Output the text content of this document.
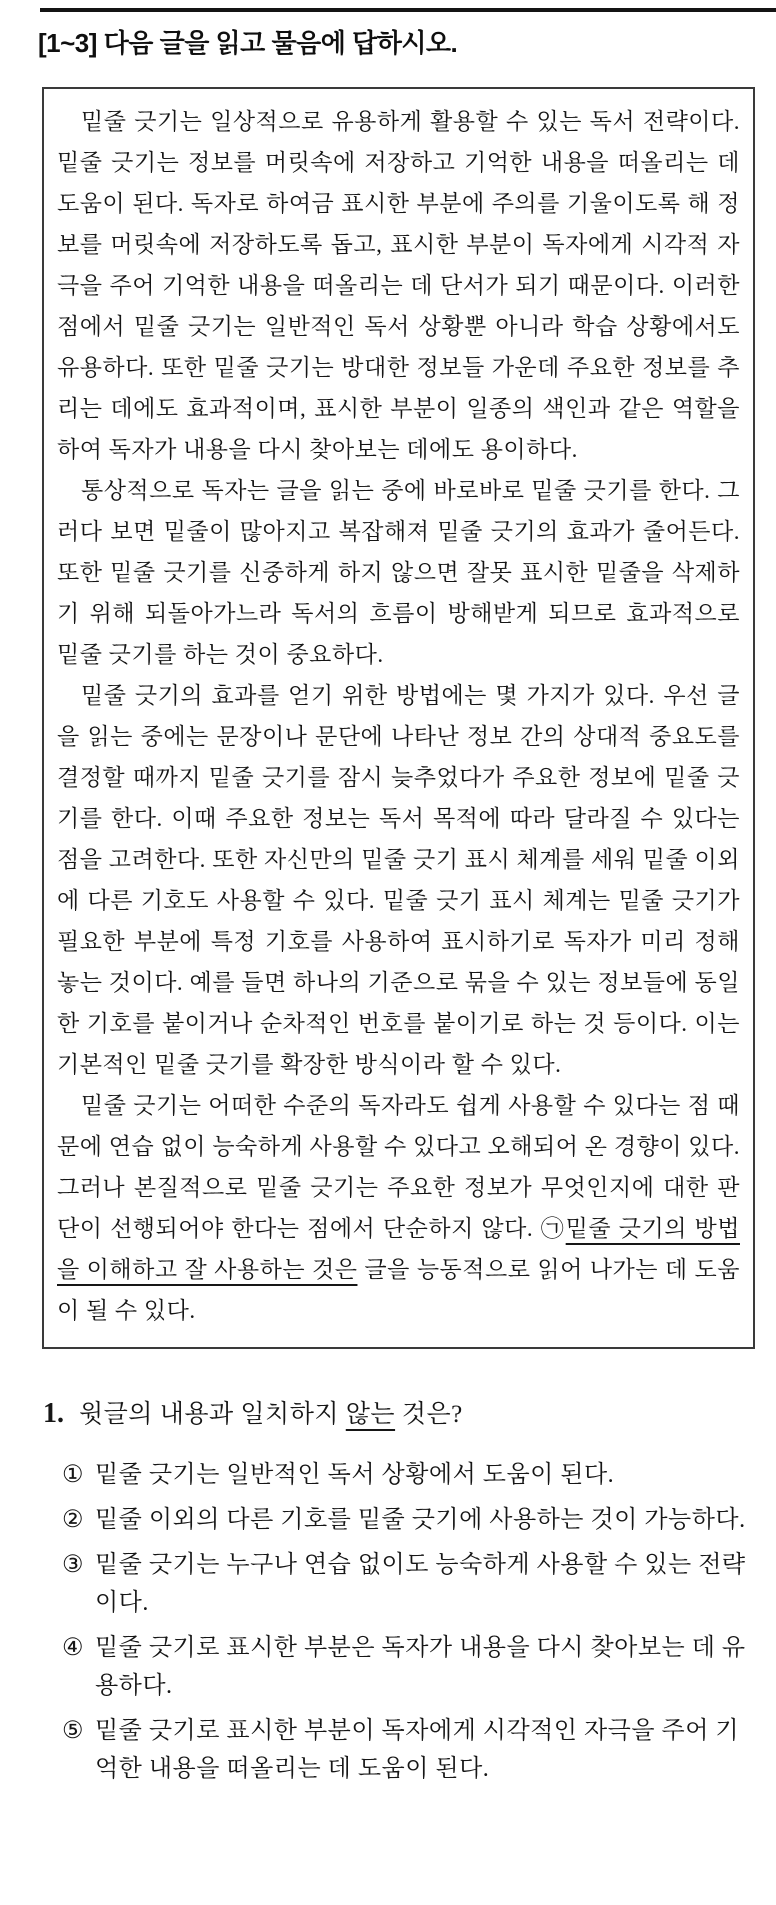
[1~3] 다음 글을 읽고 물음에 답하시오.

밑줄 긋기는 일상적으로 유용하게 활용할 수 있는 독서 전략이다. 밑줄 긋기는 정보를 머릿속에 저장하고 기억한 내용을 떠올리는 데 도움이 된다. 독자로 하여금 표시한 부분에 주의를 기울이도록 해 정보를 머릿속에 저장하도록 돕고, 표시한 부분이 독자에게 시각적 자극을 주어 기억한 내용을 떠올리는 데 단서가 되기 때문이다. 이러한 점에서 밑줄 긋기는 일반적인 독서 상황뿐 아니라 학습 상황에서도 유용하다. 또한 밑줄 긋기는 방대한 정보들 가운데 주요한 정보를 추리는 데에도 효과적이며, 표시한 부분이 일종의 색인과 같은 역할을 하여 독자가 내용을 다시 찾아보는 데에도 용이하다.

통상적으로 독자는 글을 읽는 중에 바로바로 밑줄 긋기를 한다. 그러다 보면 밑줄이 많아지고 복잡해져 밑줄 긋기의 효과가 줄어든다. 또한 밑줄 긋기를 신중하게 하지 않으면 잘못 표시한 밑줄을 삭제하기 위해 되돌아가느라 독서의 흐름이 방해받게 되므로 효과적으로 밑줄 긋기를 하는 것이 중요하다.

밑줄 긋기의 효과를 얻기 위한 방법에는 몇 가지가 있다. 우선 글을 읽는 중에는 문장이나 문단에 나타난 정보 간의 상대적 중요도를 결정할 때까지 밑줄 긋기를 잠시 늦추었다가 주요한 정보에 밑줄 긋기를 한다. 이때 주요한 정보는 독서 목적에 따라 달라질 수 있다는 점을 고려한다. 또한 자신만의 밑줄 긋기 표시 체계를 세워 밑줄 이외에 다른 기호도 사용할 수 있다. 밑줄 긋기 표시 체계는 밑줄 긋기가 필요한 부분에 특정 기호를 사용하여 표시하기로 독자가 미리 정해 놓는 것이다. 예를 들면 하나의 기준으로 묶을 수 있는 정보들에 동일한 기호를 붙이거나 순차적인 번호를 붙이기로 하는 것 등이다. 이는 기본적인 밑줄 긋기를 확장한 방식이라 할 수 있다.

밑줄 긋기는 어떠한 수준의 독자라도 쉽게 사용할 수 있다는 점 때문에 연습 없이 능숙하게 사용할 수 있다고 오해되어 온 경향이 있다. 그러나 본질적으로 밑줄 긋기는 주요한 정보가 무엇인지에 대한 판단이 선행되어야 한다는 점에서 단순하지 않다. ㉠밑줄 긋기의 방법을 이해하고 잘 사용하는 것은 글을 능동적으로 읽어 나가는 데 도움이 될 수 있다.

1. 윗글의 내용과 일치하지 않는 것은?
① 밑줄 긋기는 일반적인 독서 상황에서 도움이 된다.
② 밑줄 이외의 다른 기호를 밑줄 긋기에 사용하는 것이 가능하다.
③ 밑줄 긋기는 누구나 연습 없이도 능숙하게 사용할 수 있는 전략이다.
④ 밑줄 긋기로 표시한 부분은 독자가 내용을 다시 찾아보는 데 유용하다.
⑤ 밑줄 긋기로 표시한 부분이 독자에게 시각적인 자극을 주어 기억한 내용을 떠올리는 데 도움이 된다.
